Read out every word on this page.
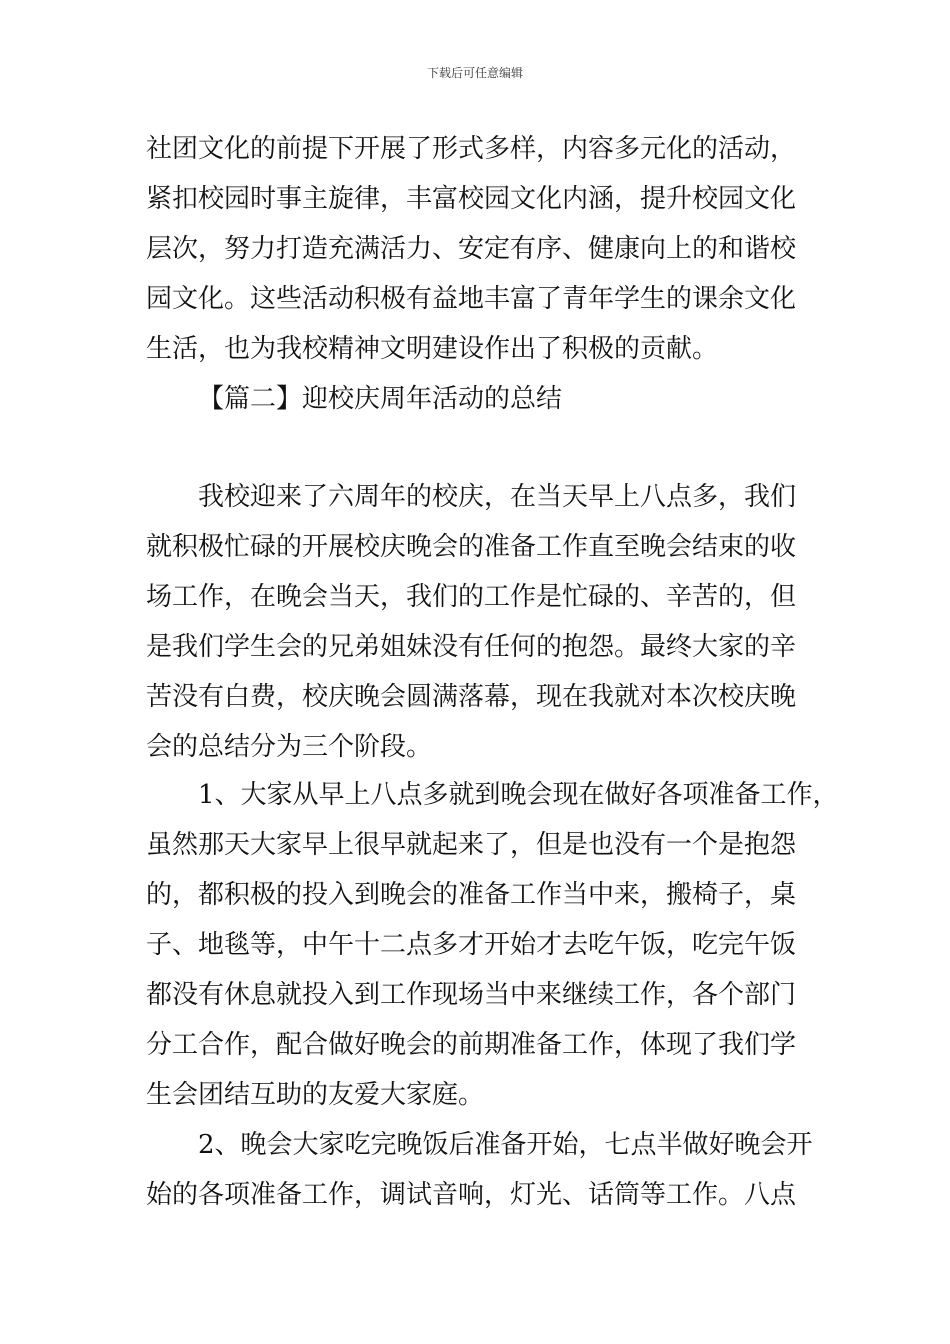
下载后可任意编辑
社团文化的前提下开展了形式多样，内容多元化的活动，
紧扣校园时事主旋律，丰富校园文化内涵，提升校园文化
层次，努力打造充满活力、安定有序、健康向上的和谐校
园文化。这些活动积极有益地丰富了青年学生的课余文化
生活，也为我校精神文明建设作出了积极的贡献。
【篇二】迎校庆周年活动的总结
我校迎来了六周年的校庆，在当天早上八点多，我们
就积极忙碌的开展校庆晚会的准备工作直至晚会结束的收
场工作，在晚会当天，我们的工作是忙碌的、辛苦的，但
是我们学生会的兄弟姐妹没有任何的抱怨。最终大家的辛
苦没有白费，校庆晚会圆满落幕，现在我就对本次校庆晚
会的总结分为三个阶段。
1、大家从早上八点多就到晚会现在做好各项准备工作，
虽然那天大家早上很早就起来了，但是也没有一个是抱怨
的，都积极的投入到晚会的准备工作当中来，搬椅子，桌
子、地毯等，中午十二点多才开始才去吃午饭，吃完午饭
都没有休息就投入到工作现场当中来继续工作，各个部门
分工合作，配合做好晚会的前期准备工作，体现了我们学
生会团结互助的友爱大家庭。
2、晚会大家吃完晚饭后准备开始，七点半做好晚会开
始的各项准备工作，调试音响，灯光、话筒等工作。八点
